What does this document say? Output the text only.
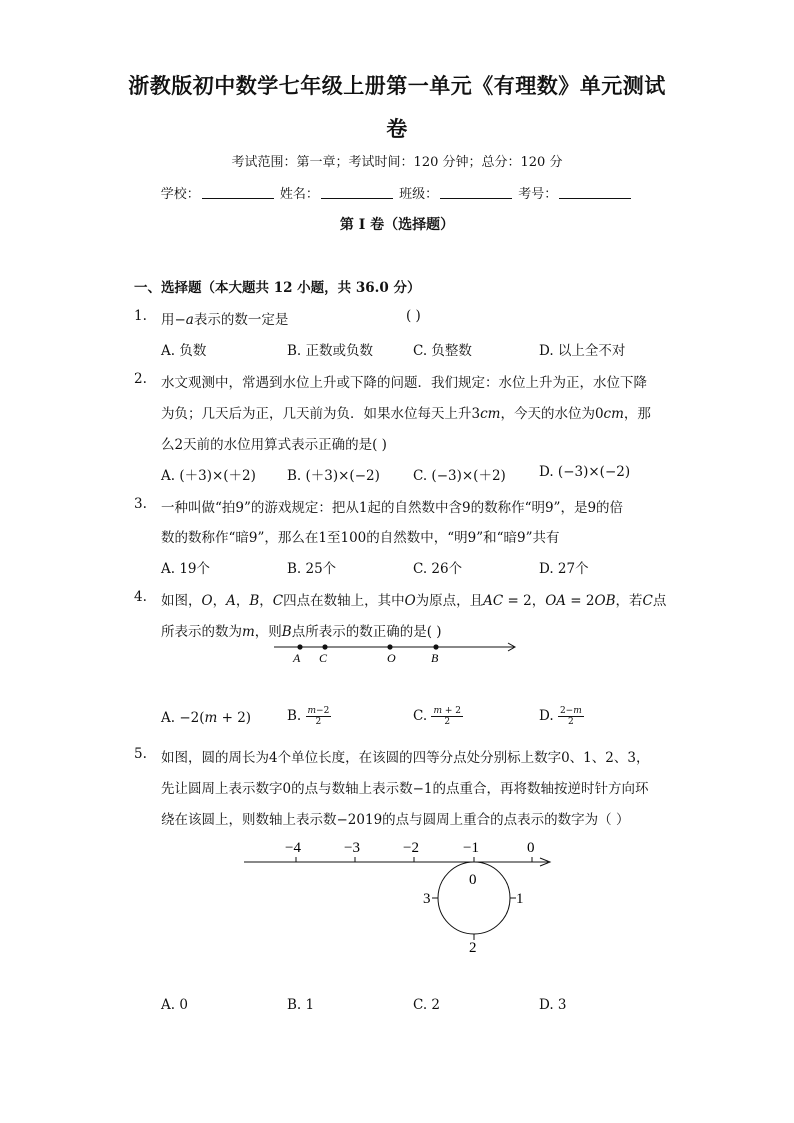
浙教版初中数学七年级上册第一单元《有理数》单元测试
卷
考试范围：第一章；考试时间：120 分钟；总分：120 分
学校：	姓名：	班级：	考号：
第 I 卷（选择题）
一、选择题（本大题共 12 小题，共 36.0 分）
1. 用−𝑎表示的数一定是	( )
A. 负数	B. 正数或负数	C. 负整数	D. 以上全不对
2. 水文观测中，常遇到水位上升或下降的问题．我们规定：水位上升为正，水位下降
为负；几天后为正，几天前为负．如果水位每天上升3𝑐𝑚，今天的水位为0𝑐𝑚，那
么2天前的水位用算式表示正确的是( )
A. (＋3)×(＋2) B. (＋3)×(−2) C. (−3)×(＋2) D. (−3)×(−2)
3. 一种叫做“拍9”的游戏规定：把从1起的自然数中含9的数称作“明9”，是9的倍
数的数称作“暗9”，那么在1至100的自然数中，“明9”和“暗9”共有
A. 19个	B. 25个	C. 26个	D. 27个
4. 如图，𝑂，𝐴，𝐵，𝐶四点在数轴上，其中𝑂为原点，且𝐴𝐶 = 2，𝑂𝐴 = 2𝑂𝐵，若𝐶点
所表示的数为𝑚，则𝐵点所表示的数正确的是( )
A C	O	B
A. −2(𝑚 + 2)	B. $\frac{\text{𝑚−2}}{2}$	C. $\frac{\text{𝑚 + 2}}{2}$	D. $\frac{\text{2−𝑚}}{2}$
5. 如图，圆的周长为4个单位长度，在该圆的四等分点处分别标上数字0、1、2、3，
先让圆周上表示数字0的点与数轴上表示数−1的点重合，再将数轴按逆时针方向环
绕在该圆上，则数轴上表示数−2019的点与圆周上重合的点表示的数字为（ ）
−4	−3	−2	−1	0
0
1
2
3
A. 0	B. 1	C. 2	D. 3
